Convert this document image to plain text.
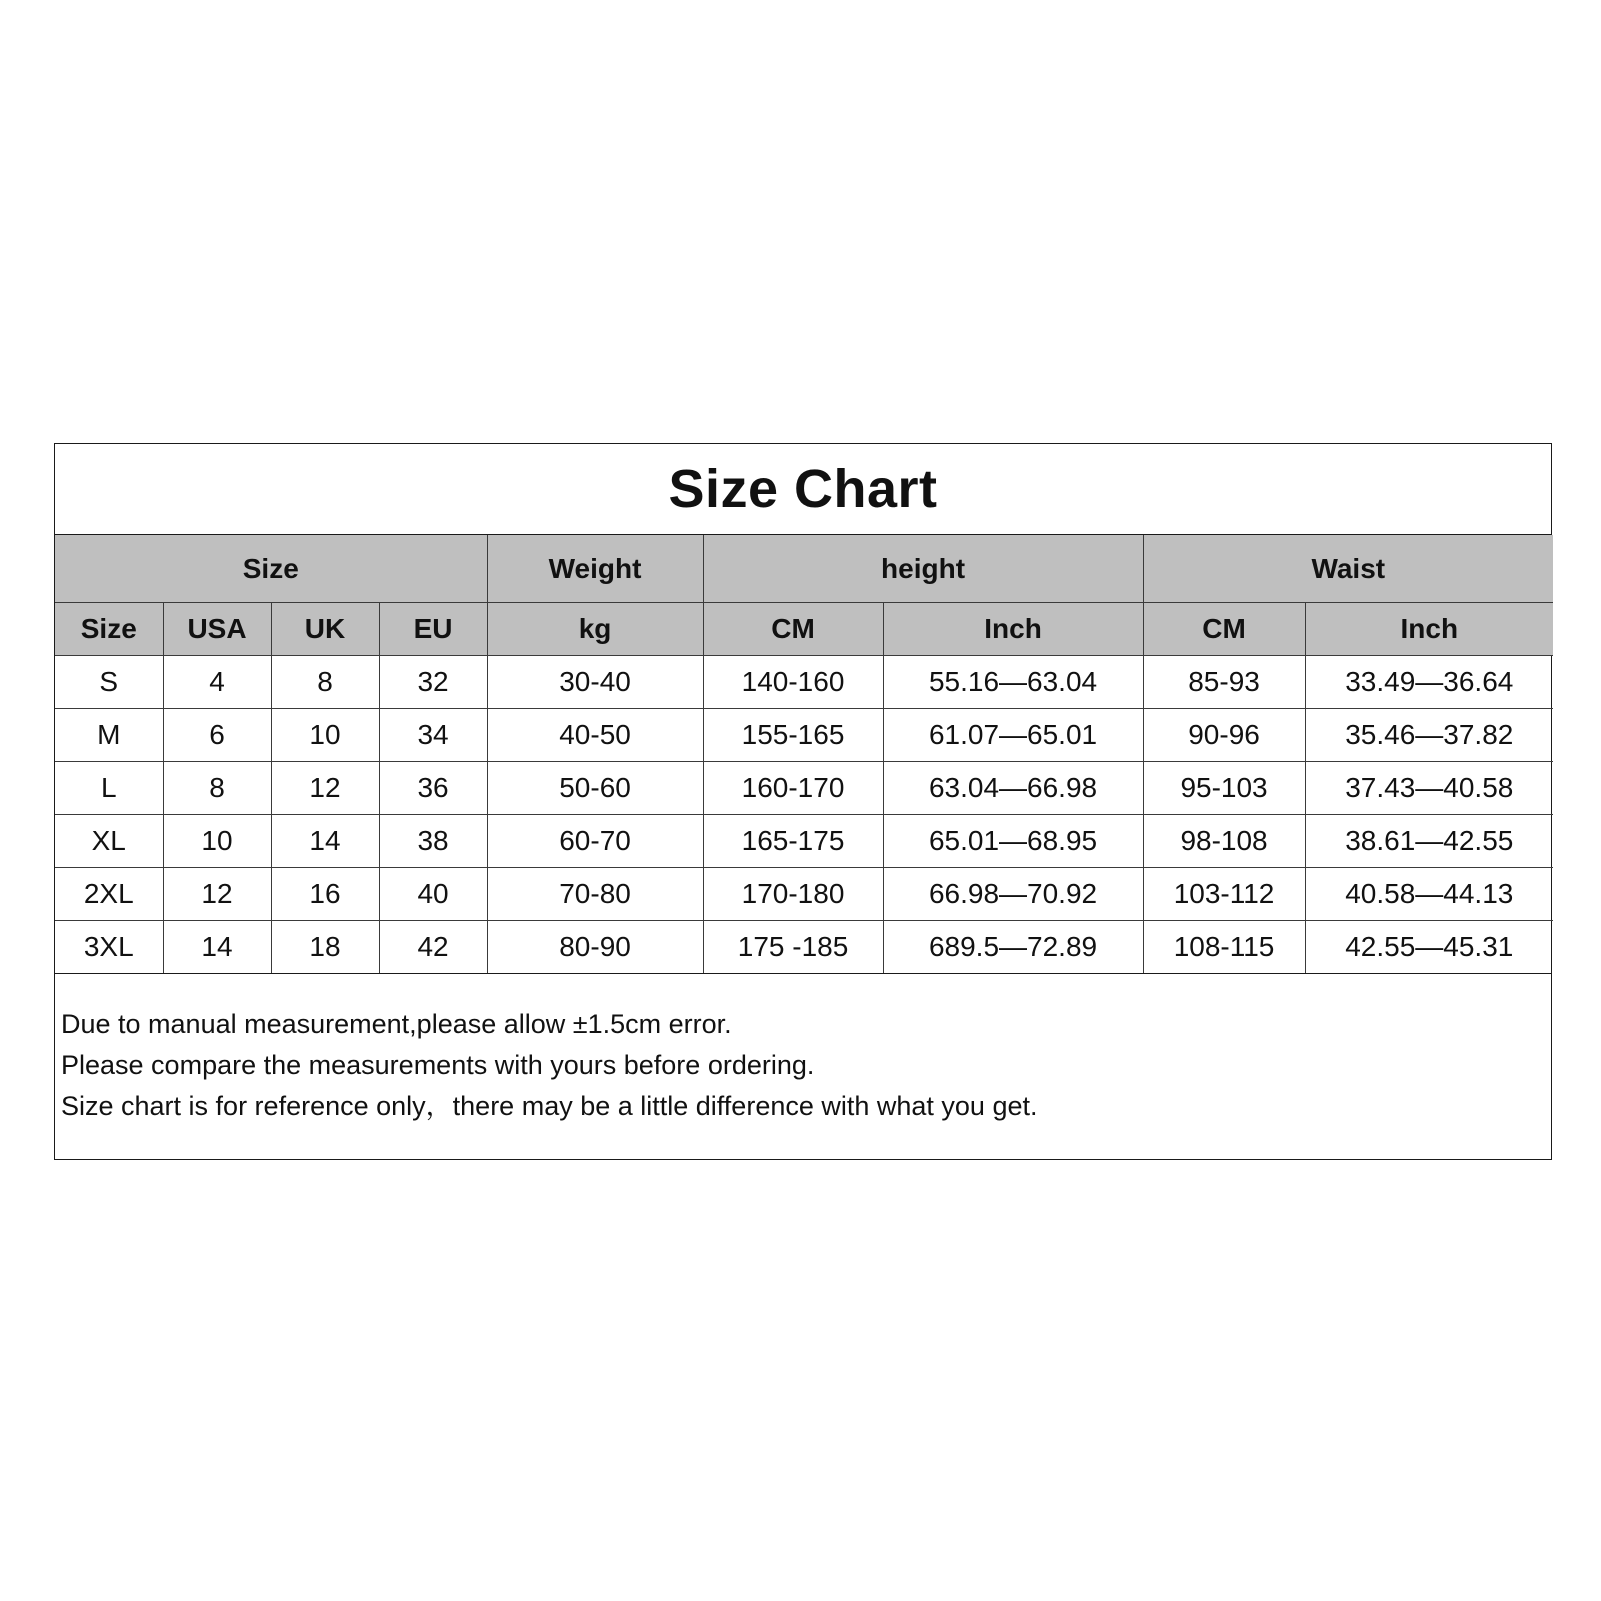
Size Chart
Size				Weight	height		Waist	
Size	USA	UK	EU	kg	CM	Inch	CM	Inch
S	4	8	32	30-40	140-160	55.16—63.04	85-93	33.49—36.64
M	6	10	34	40-50	155-165	61.07—65.01	90-96	35.46—37.82
L	8	12	36	50-60	160-170	63.04—66.98	95-103	37.43—40.58
XL	10	14	38	60-70	165-175	65.01—68.95	98-108	38.61—42.55
2XL	12	16	40	70-80	170-180	66.98—70.92	103-112	40.58—44.13
3XL	14	18	42	80-90	175 -185	689.5—72.89	108-115	42.55—45.31
Due to manual measurement,please allow ±1.5cm error.
Please compare the measurements with yours before ordering.
Size chart is for reference only，there may be a little difference with what you get.
